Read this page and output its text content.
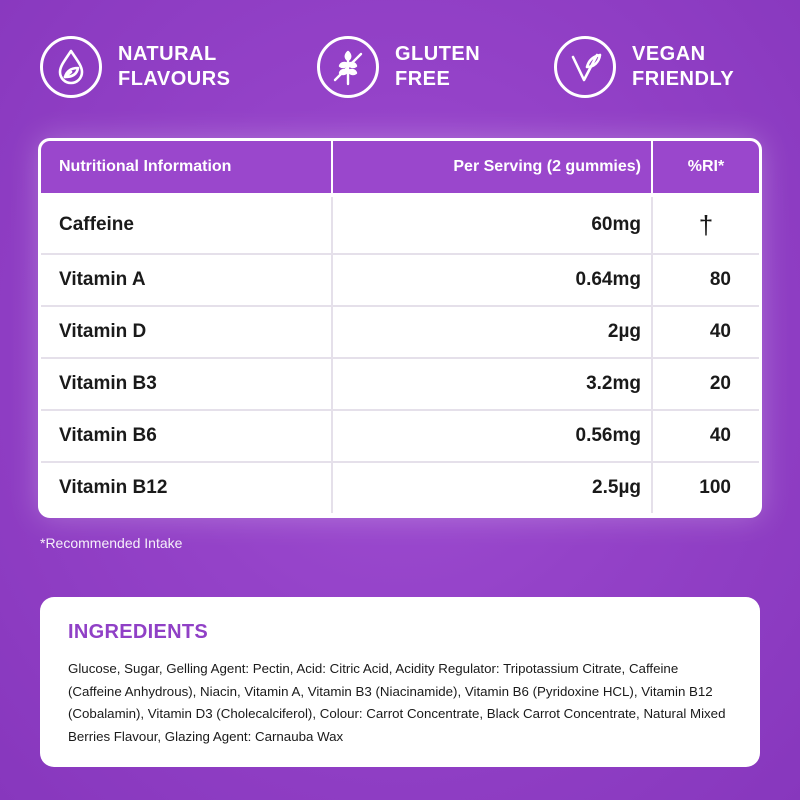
NATURAL
FLAVOURS
GLUTEN
FREE
VEGAN
FRIENDLY
Nutritional Information	Per Serving (2 gummies)	%RI*
Caffeine	60mg	†
Vitamin A	0.64mg	80
Vitamin D	2µg	40
Vitamin B3	3.2mg	20
Vitamin B6	0.56mg	40
Vitamin B12	2.5µg	100
*Recommended Intake
INGREDIENTS

Glucose, Sugar, Gelling Agent: Pectin, Acid: Citric Acid, Acidity Regulator: Tripotassium Citrate, Caffeine (Caffeine Anhydrous), Niacin, Vitamin A, Vitamin B3 (Niacinamide), Vitamin B6 (Pyridoxine HCL), Vitamin B12 (Cobalamin), Vitamin D3 (Cholecalciferol), Colour: Carrot Concentrate, Black Carrot Concentrate, Natural Mixed Berries Flavour, Glazing Agent: Carnauba Wax
